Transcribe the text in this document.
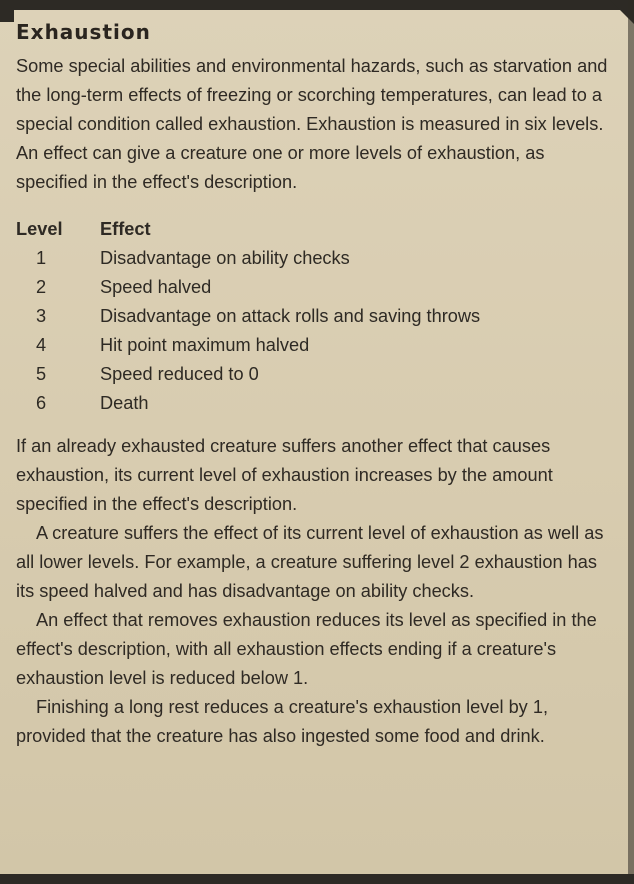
Exhaustion

Some special abilities and environmental hazards, such as starvation and the long-term effects of freezing or scorching temperatures, can lead to a special condition called exhaustion. Exhaustion is measured in six levels. An effect can give a creature one or more levels of exhaustion, as specified in the effect's description.

Level	Effect
1	Disadvantage on ability checks
2	Speed halved
3	Disadvantage on attack rolls and saving throws
4	Hit point maximum halved
5	Speed reduced to 0
6	Death

If an already exhausted creature suffers another effect that causes exhaustion, its current level of exhaustion increases by the amount specified in the effect's description.

A creature suffers the effect of its current level of exhaustion as well as all lower levels. For example, a creature suffering level 2 exhaustion has its speed halved and has disadvantage on ability checks.

An effect that removes exhaustion reduces its level as specified in the effect's description, with all exhaustion effects ending if a creature's exhaustion level is reduced below 1.

Finishing a long rest reduces a creature's exhaustion level by 1, provided that the creature has also ingested some food and drink.
